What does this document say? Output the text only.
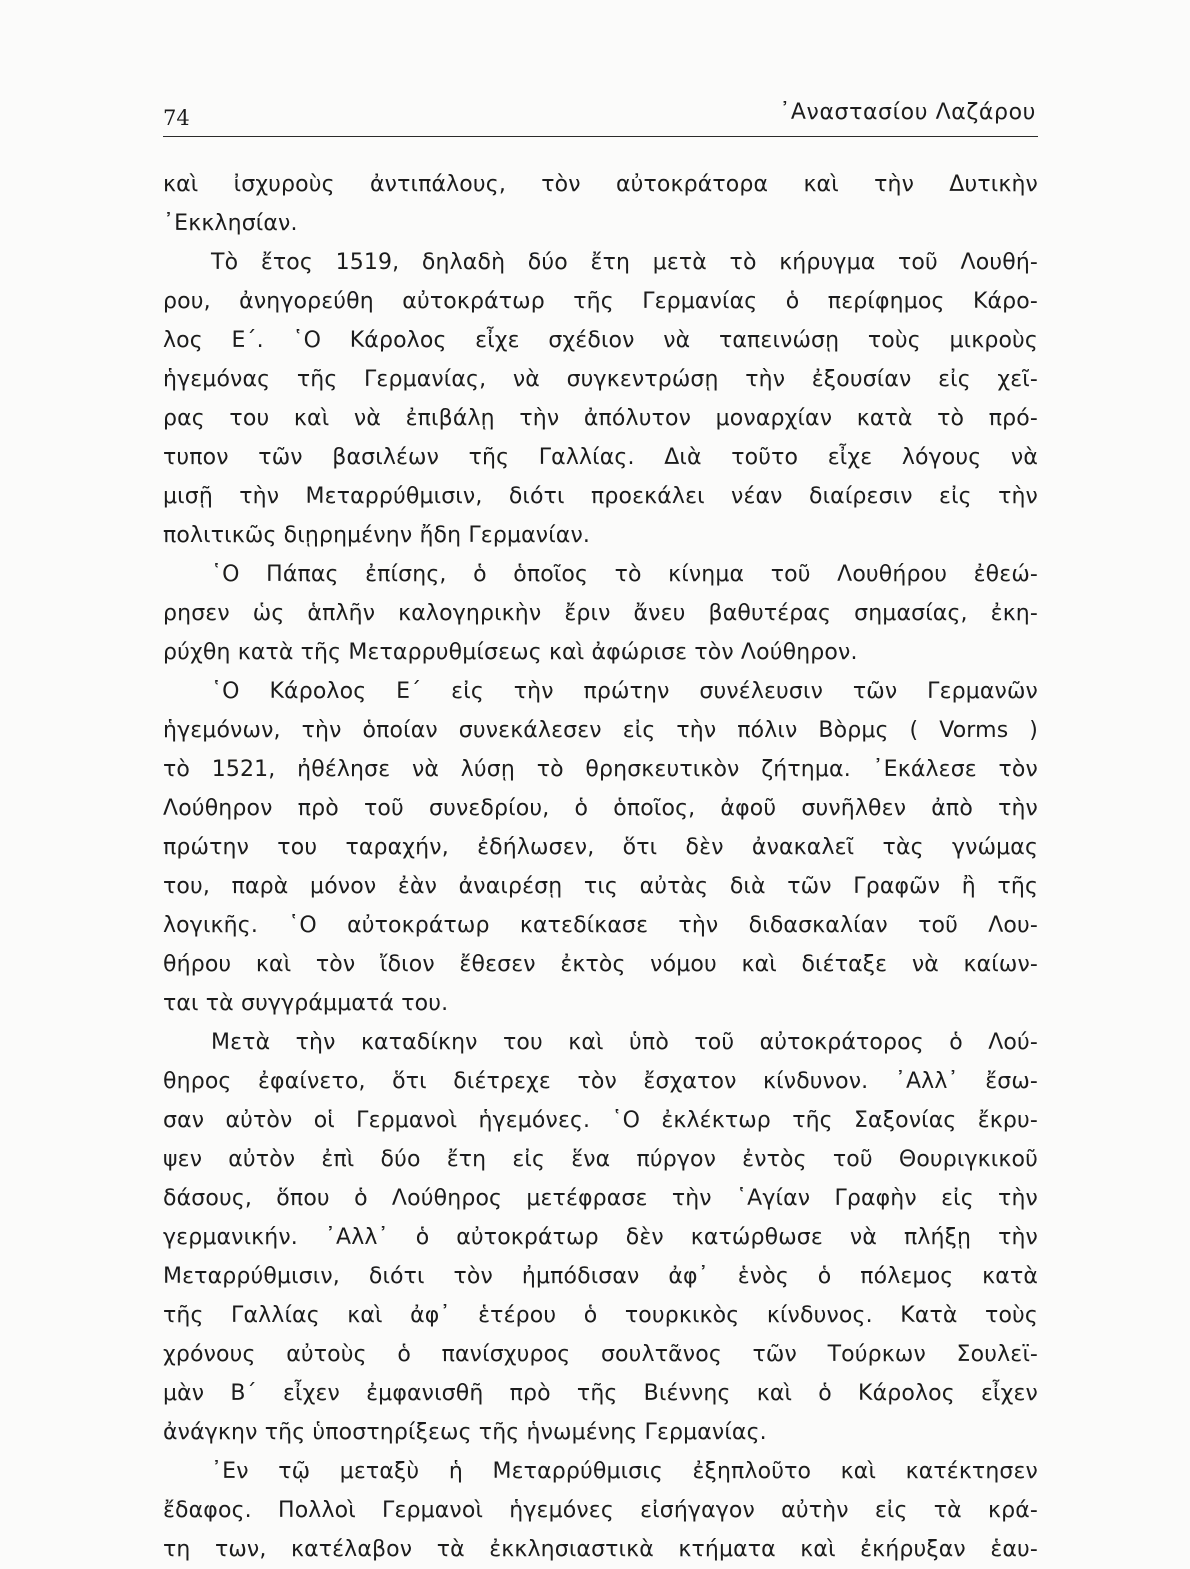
74	᾿Αναστασίου Λαζάρου
καὶ ἰσχυροὺς ἀντιπάλους, τὸν αὐτοκράτορα καὶ τὴν Δυτικὴν
᾿Εκκλησίαν.
Τὸ ἔτος 1519, δηλαδὴ δύο ἔτη μετὰ τὸ κήρυγμα τοῦ Λουθή-
ρου, ἀνηγορεύθη αὐτοκράτωρ τῆς Γερμανίας ὁ περίφημος Κάρο-
λος Ε΄. ῾Ο Κάρολος εἶχε σχέδιον νὰ ταπεινώσῃ τοὺς μικροὺς
ἡγεμόνας τῆς Γερμανίας, νὰ συγκεντρώσῃ τὴν ἐξουσίαν εἰς χεῖ-
ρας του καὶ νὰ ἐπιβάλῃ τὴν ἀπόλυτον μοναρχίαν κατὰ τὸ πρό-
τυπον τῶν βασιλέων τῆς Γαλλίας. Διὰ τοῦτο εἶχε λόγους νὰ
μισῇ τὴν Μεταρρύθμισιν, διότι προεκάλει νέαν διαίρεσιν εἰς τὴν
πολιτικῶς διῃρημένην ἤδη Γερμανίαν.
῾Ο Πάπας ἐπίσης, ὁ ὁποῖος τὸ κίνημα τοῦ Λουθήρου ἐθεώ-
ρησεν ὡς ἁπλῆν καλογηρικὴν ἔριν ἄνευ βαθυτέρας σημασίας, ἐκη-
ρύχθη κατὰ τῆς Μεταρρυθμίσεως καὶ ἀφώρισε τὸν Λούθηρον.
῾Ο Κάρολος Ε΄ εἰς τὴν πρώτην συνέλευσιν τῶν Γερμανῶν
ἡγεμόνων, τὴν ὁποίαν συνεκάλεσεν εἰς τὴν πόλιν Βὸρμς ( Vorms )
τὸ 1521, ἠθέλησε νὰ λύσῃ τὸ θρησκευτικὸν ζήτημα. ᾿Εκάλεσε τὸν
Λούθηρον πρὸ τοῦ συνεδρίου, ὁ ὁποῖος, ἀφοῦ συνῆλθεν ἀπὸ τὴν
πρώτην του ταραχήν, ἐδήλωσεν, ὅτι δὲν ἀνακαλεῖ τὰς γνώμας
του, παρὰ μόνον ἐὰν ἀναιρέσῃ τις αὐτὰς διὰ τῶν Γραφῶν ἢ τῆς
λογικῆς. ῾Ο αὐτοκράτωρ κατεδίκασε τὴν διδασκαλίαν τοῦ Λου-
θήρου καὶ τὸν ἴδιον ἔθεσεν ἐκτὸς νόμου καὶ διέταξε νὰ καίων-
ται τὰ συγγράμματά του.
Μετὰ τὴν καταδίκην του καὶ ὑπὸ τοῦ αὐτοκράτορος ὁ Λού-
θηρος ἐφαίνετο, ὅτι διέτρεχε τὸν ἔσχατον κίνδυνον. ᾿Αλλ᾿ ἔσω-
σαν αὐτὸν οἱ Γερμανοὶ ἡγεμόνες. ῾Ο ἐκλέκτωρ τῆς Σαξονίας ἔκρυ-
ψεν αὐτὸν ἐπὶ δύο ἔτη εἰς ἕνα πύργον ἐντὸς τοῦ Θουριγκικοῦ
δάσους, ὅπου ὁ Λούθηρος μετέφρασε τὴν ῾Αγίαν Γραφὴν εἰς τὴν
γερμανικήν. ᾿Αλλ᾿ ὁ αὐτοκράτωρ δὲν κατώρθωσε νὰ πλήξῃ τὴν
Μεταρρύθμισιν, διότι τὸν ἠμπόδισαν ἀφ᾿ ἑνὸς ὁ πόλεμος κατὰ
τῆς Γαλλίας καὶ ἀφ᾿ ἑτέρου ὁ τουρκικὸς κίνδυνος. Κατὰ τοὺς
χρόνους αὐτοὺς ὁ πανίσχυρος σουλτᾶνος τῶν Τούρκων Σουλεϊ-
μὰν Β΄ εἶχεν ἐμφανισθῆ πρὸ τῆς Βιέννης καὶ ὁ Κάρολος εἶχεν
ἀνάγκην τῆς ὑποστηρίξεως τῆς ἡνωμένης Γερμανίας.
᾿Εν τῷ μεταξὺ ἡ Μεταρρύθμισις ἐξηπλοῦτο καὶ κατέκτησεν
ἔδαφος. Πολλοὶ Γερμανοὶ ἡγεμόνες εἰσήγαγον αὐτὴν εἰς τὰ κρά-
τη των, κατέλαβον τὰ ἐκκλησιαστικὰ κτήματα καὶ ἐκήρυξαν ἑαυ-
